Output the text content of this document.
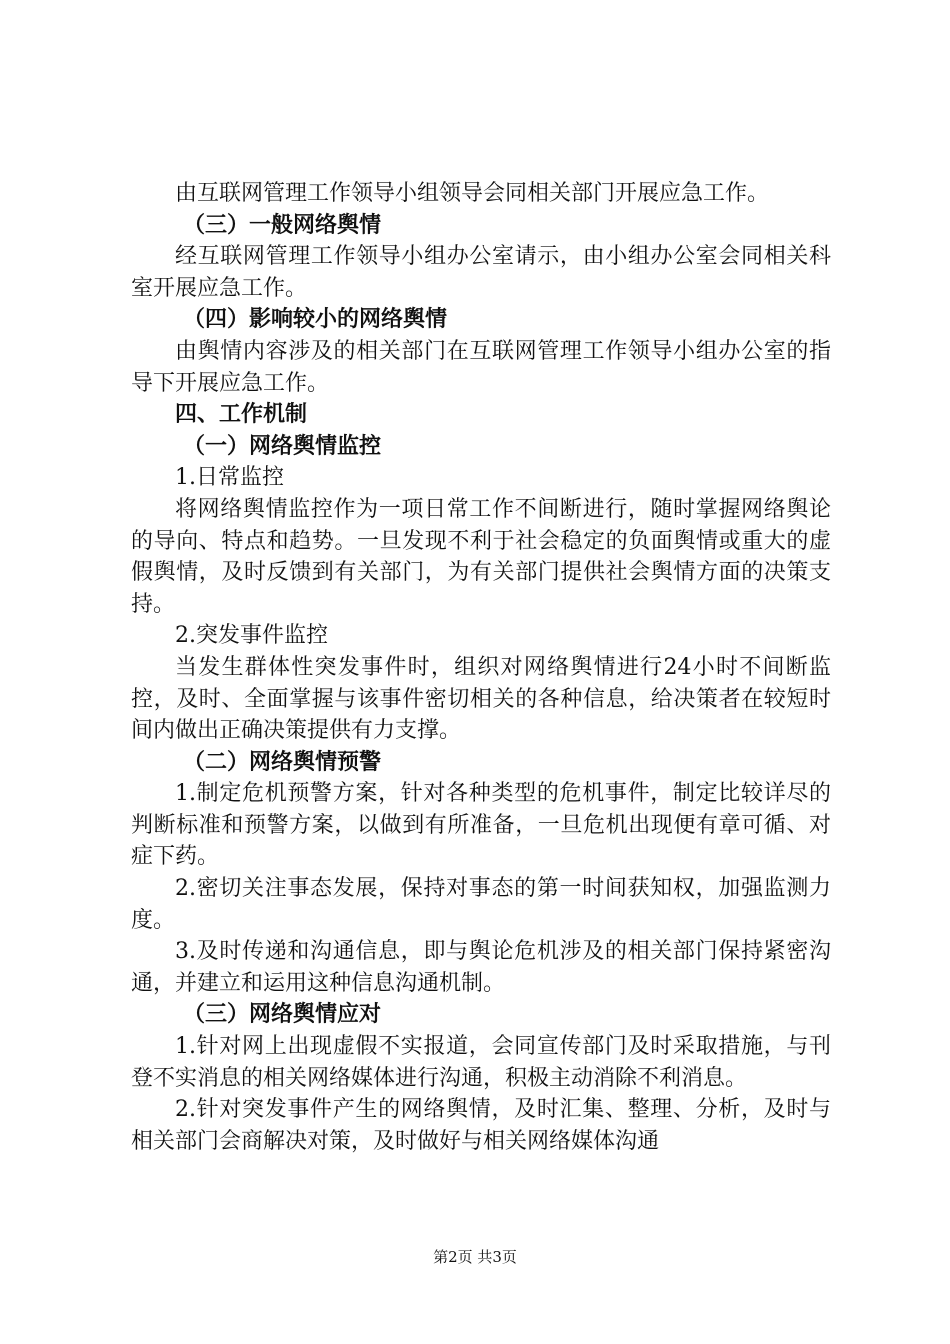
由互联网管理工作领导小组领导会同相关部门开展应急工作。

（三）一般网络舆情

经互联网管理工作领导小组办公室请示，由小组办公室会同相关科室开展应急工作。

（四）影响较小的网络舆情

由舆情内容涉及的相关部门在互联网管理工作领导小组办公室的指导下开展应急工作。

四、工作机制

（一）网络舆情监控

1.日常监控

将网络舆情监控作为一项日常工作不间断进行，随时掌握网络舆论的导向、特点和趋势。一旦发现不利于社会稳定的负面舆情或重大的虚假舆情，及时反馈到有关部门，为有关部门提供社会舆情方面的决策支持。

2.突发事件监控

当发生群体性突发事件时，组织对网络舆情进行24小时不间断监控，及时、全面掌握与该事件密切相关的各种信息，给决策者在较短时间内做出正确决策提供有力支撑。

（二）网络舆情预警

1.制定危机预警方案，针对各种类型的危机事件，制定比较详尽的判断标准和预警方案，以做到有所准备，一旦危机出现便有章可循、对症下药。

2.密切关注事态发展，保持对事态的第一时间获知权，加强监测力度。

3.及时传递和沟通信息，即与舆论危机涉及的相关部门保持紧密沟通，并建立和运用这种信息沟通机制。

（三）网络舆情应对

1.针对网上出现虚假不实报道，会同宣传部门及时采取措施，与刊登不实消息的相关网络媒体进行沟通，积极主动消除不利消息。

2.针对突发事件产生的网络舆情，及时汇集、整理、分析，及时与相关部门会商解决对策，及时做好与相关网络媒体沟通

第2页 共3页
